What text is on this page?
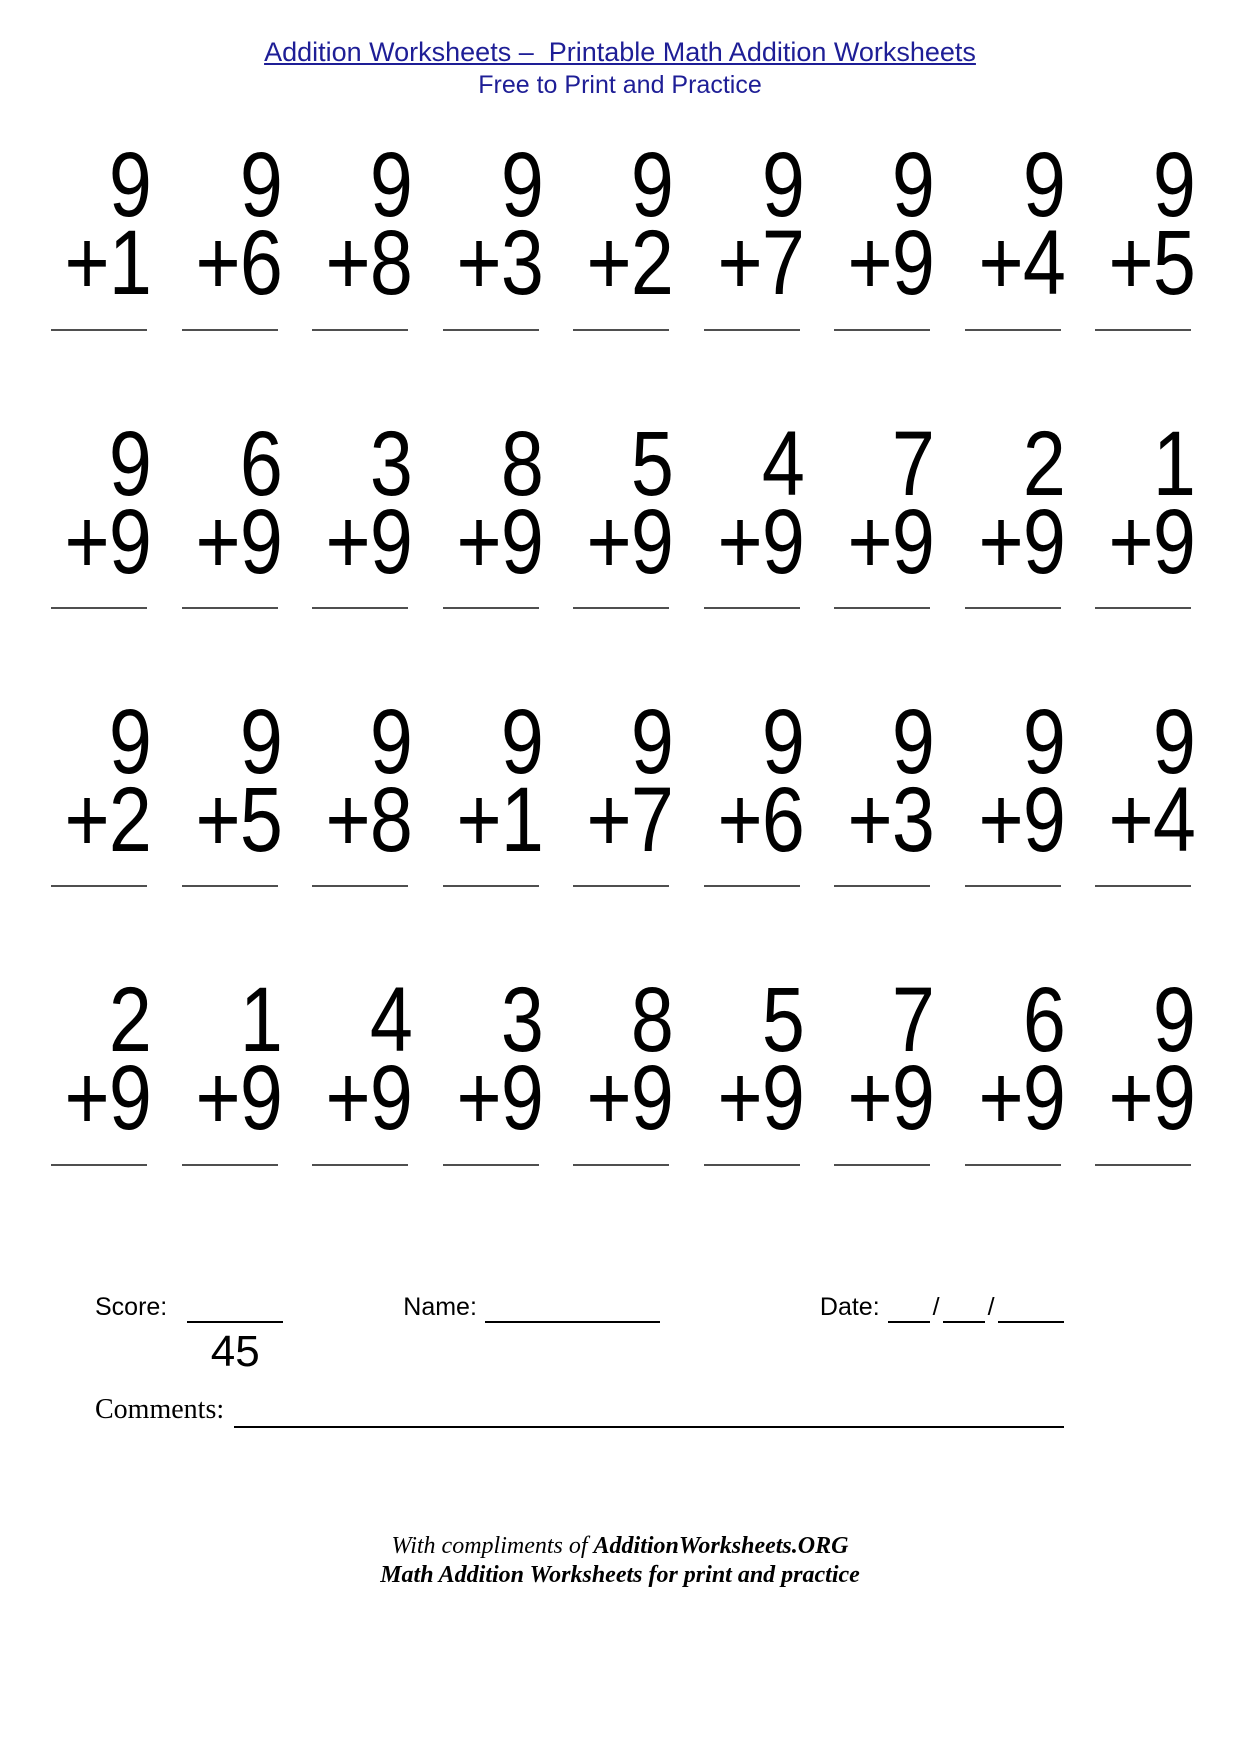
Addition Worksheets –  Printable Math Addition Worksheets
Free to Print and Practice
9
+1
9
+6
9
+8
9
+3
9
+2
9
+7
9
+9
9
+4
9
+5
9
+9
6
+9
3
+9
8
+9
5
+9
4
+9
7
+9
2
+9
1
+9
9
+2
9
+5
9
+8
9
+1
9
+7
9
+6
9
+3
9
+9
9
+4
2
+9
1
+9
4
+9
3
+9
8
+9
5
+9
7
+9
6
+9
9
+9
Score:
45
Name:	Date: / /
Comments:
With compliments of AdditionWorksheets.ORG
Math Addition Worksheets for print and practice
